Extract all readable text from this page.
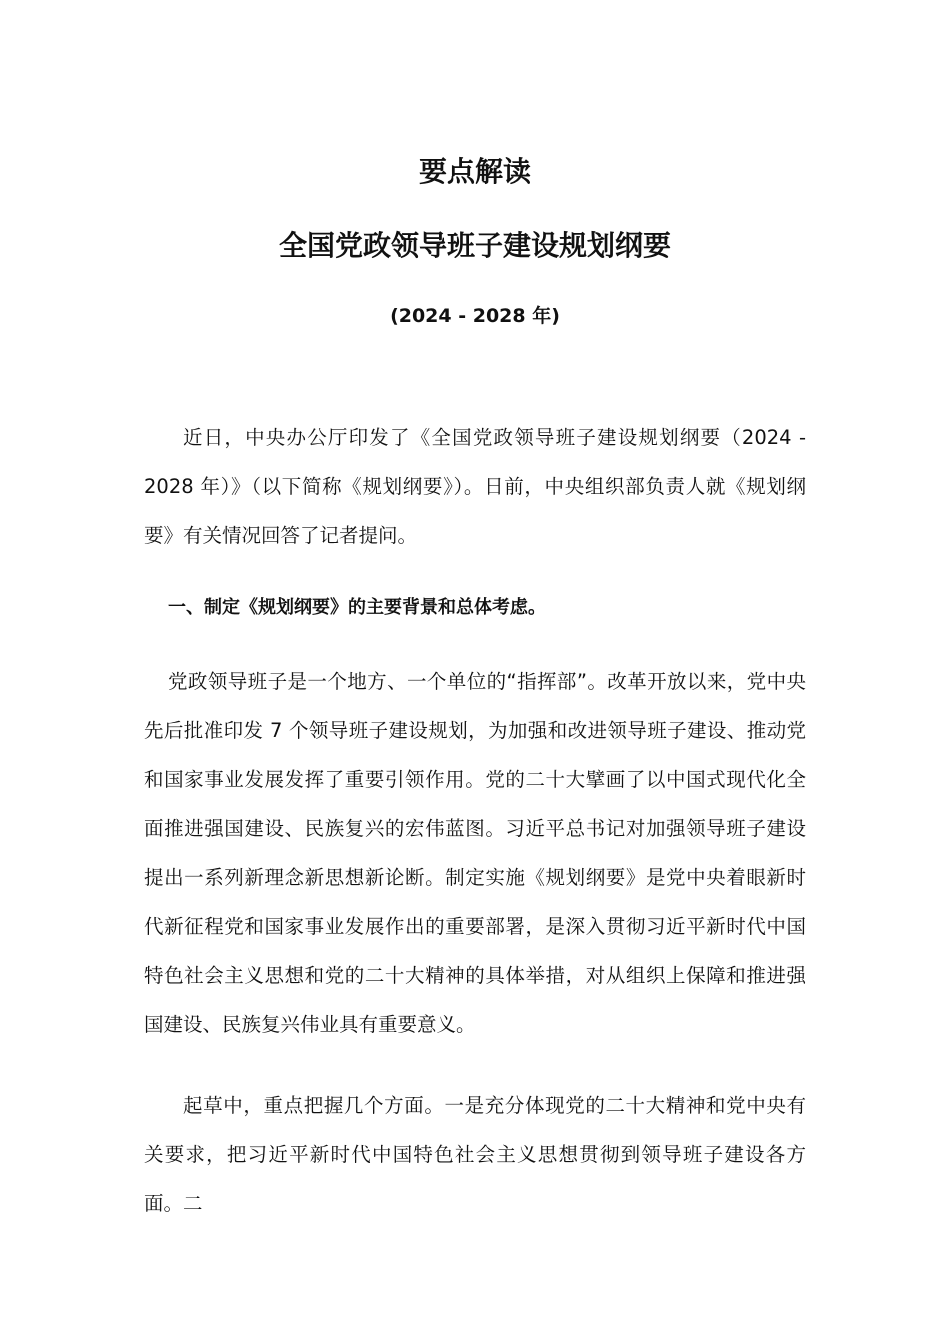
要点解读
全国党政领导班子建设规划纲要
(2024 - 2028 年)

近日，中央办公厅印发了《全国党政领导班子建设规划纲要（2024 - 2028 年）》（以下简称《规划纲要》）。日前，中央组织部负责人就《规划纲要》有关情况回答了记者提问。

一、制定《规划纲要》的主要背景和总体考虑。

党政领导班子是一个地方、一个单位的“指挥部”。改革开放以来，党中央先后批准印发 7 个领导班子建设规划，为加强和改进领导班子建设、推动党和国家事业发展发挥了重要引领作用。党的二十大擘画了以中国式现代化全面推进强国建设、民族复兴的宏伟蓝图。习近平总书记对加强领导班子建设提出一系列新理念新思想新论断。制定实施《规划纲要》是党中央着眼新时代新征程党和国家事业发展作出的重要部署，是深入贯彻习近平新时代中国特色社会主义思想和党的二十大精神的具体举措，对从组织上保障和推进强国建设、民族复兴伟业具有重要意义。

起草中，重点把握几个方面。一是充分体现党的二十大精神和党中央有关要求，把习近平新时代中国特色社会主义思想贯彻到领导班子建设各方面。二
